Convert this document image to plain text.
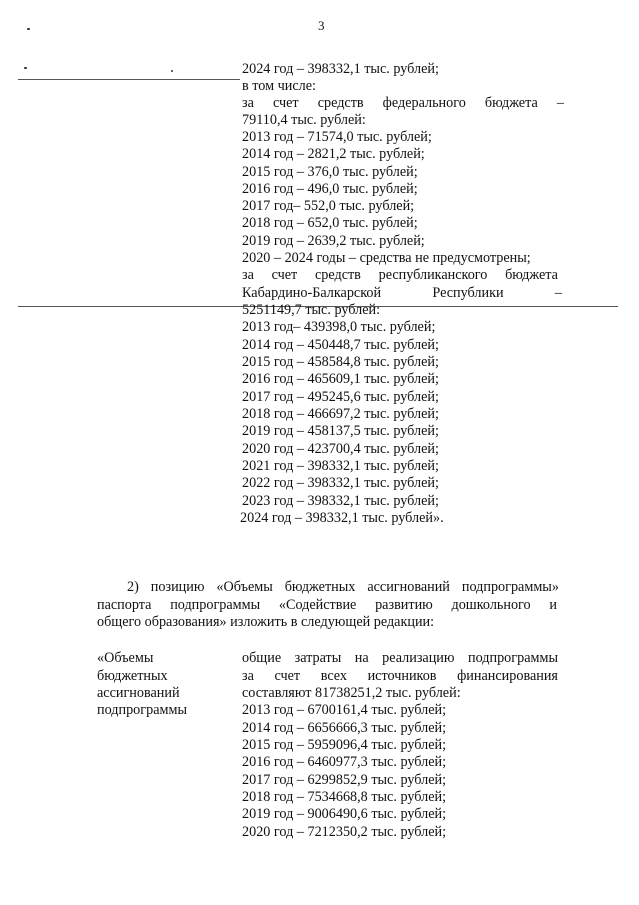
3
2024 год – 398332,1 тыс. рублей;
в том числе:
за счет средств федерального бюджета –
79110,4 тыс. рублей:
2013 год – 71574,0 тыс. рублей;
2014 год – 2821,2 тыс. рублей;
2015 год – 376,0 тыс. рублей;
2016 год – 496,0 тыс. рублей;
2017 год– 552,0 тыс. рублей;
2018 год – 652,0 тыс. рублей;
2019 год – 2639,2 тыс. рублей;
2020 – 2024 годы – средства не предусмотрены;
за счет средств республиканского бюджета
Кабардино-Балкарской	Республики	–
5251149,7 тыс. рублей:
2013 год– 439398,0 тыс. рублей;
2014 год – 450448,7 тыс. рублей;
2015 год – 458584,8 тыс. рублей;
2016 год – 465609,1 тыс. рублей;
2017 год – 495245,6 тыс. рублей;
2018 год – 466697,2 тыс. рублей;
2019 год – 458137,5 тыс. рублей;
2020 год – 423700,4 тыс. рублей;
2021 год – 398332,1 тыс. рублей;
2022 год – 398332,1 тыс. рублей;
2023 год – 398332,1 тыс. рублей;
2024 год – 398332,1 тыс. рублей».
2) позицию «Объемы бюджетных ассигнований подпрограммы»
паспорта подпрограммы «Содействие развитию дошкольного и
общего образования» изложить в следующей редакции:
«Объемы
бюджетных
ассигнований
подпрограммы
общие затраты на реализацию подпрограммы
за счет всех источников финансирования
составляют 81738251,2 тыс. рублей:
2013 год – 6700161,4 тыс. рублей;
2014 год – 6656666,3 тыс. рублей;
2015 год – 5959096,4 тыс. рублей;
2016 год – 6460977,3 тыс. рублей;
2017 год – 6299852,9 тыс. рублей;
2018 год – 7534668,8 тыс. рублей;
2019 год – 9006490,6 тыс. рублей;
2020 год – 7212350,2 тыс. рублей;
